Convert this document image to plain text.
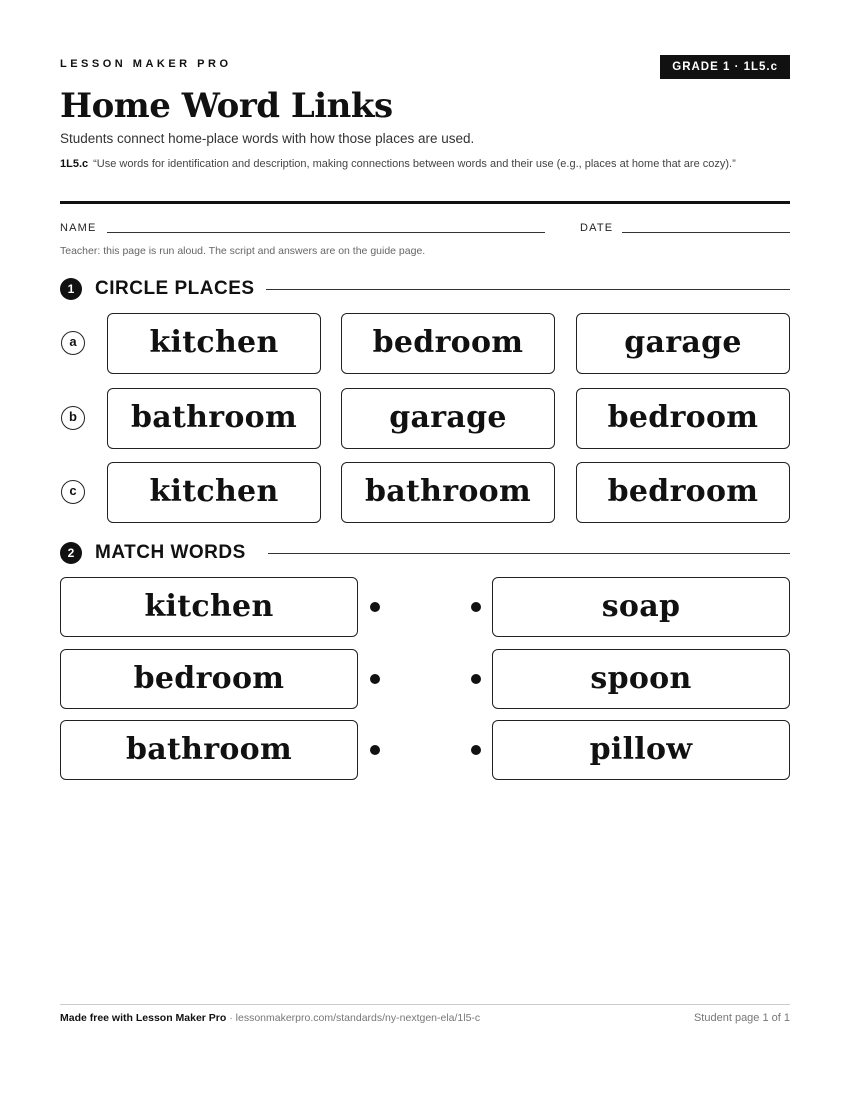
LESSON MAKER PRO	GRADE 1 · 1L5.c
Home Word Links
Students connect home-place words with how those places are used.
1L5.c “Use words for identification and description, making connections between words and their use (e.g., places at home that are cozy).”
NAME	DATE
Teacher: this page is run aloud. The script and answers are on the guide page.
1	CIRCLE PLACES
a	kitchen	bedroom	garage
b	bathroom	garage	bedroom
c	kitchen	bathroom	bedroom
2	MATCH WORDS
kitchen	soap
bedroom	spoon
bathroom	pillow
Made free with Lesson Maker Pro · lessonmakerpro.com/standards/ny-nextgen-ela/1l5-c	Student page 1 of 1
